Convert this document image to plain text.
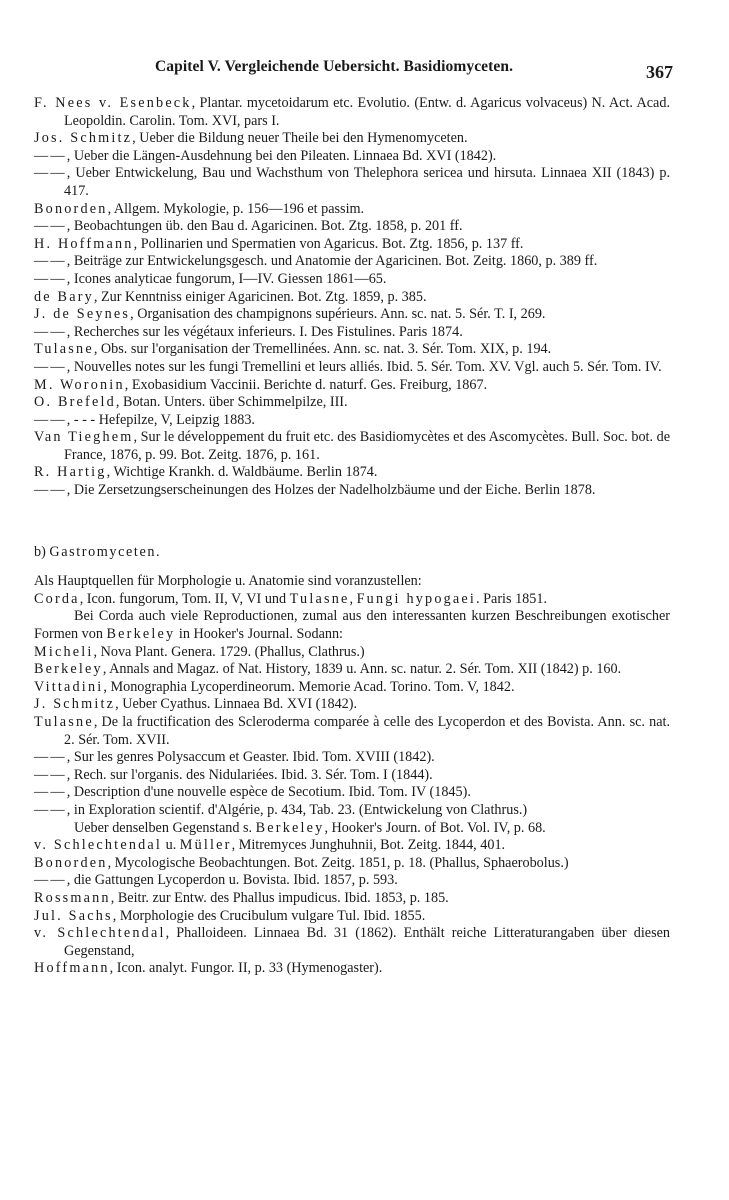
Capitel V. Vergleichende Uebersicht. Basidiomyceten.	367

F. Nees v. Esenbeck, Plantar. mycetoidarum etc. Evolutio. (Entw. d. Agaricus volvaceus) N. Act. Acad. Leopoldin. Carolin. Tom. XVI, pars I.

Jos. Schmitz, Ueber die Bildung neuer Theile bei den Hymenomyceten.

——, Ueber die Längen-Ausdehnung bei den Pileaten. Linnaea Bd. XVI (1842).

——, Ueber Entwickelung, Bau und Wachsthum von Thelephora sericea und hirsuta. Linnaea XII (1843) p. 417.

Bonorden, Allgem. Mykologie, p. 156—196 et passim.

——, Beobachtungen üb. den Bau d. Agaricinen. Bot. Ztg. 1858, p. 201 ff.

H. Hoffmann, Pollinarien und Spermatien von Agaricus. Bot. Ztg. 1856, p. 137 ff.

——, Beiträge zur Entwickelungsgesch. und Anatomie der Agaricinen. Bot. Zeitg. 1860, p. 389 ff.

——, Icones analyticae fungorum, I—IV. Giessen 1861—65.

de Bary, Zur Kenntniss einiger Agaricinen. Bot. Ztg. 1859, p. 385.

J. de Seynes, Organisation des champignons supérieurs. Ann. sc. nat. 5. Sér. T. I, 269.

——, Recherches sur les végétaux inferieurs. I. Des Fistulines. Paris 1874.

Tulasne, Obs. sur l'organisation der Tremellinées. Ann. sc. nat. 3. Sér. Tom. XIX, p. 194.

——, Nouvelles notes sur les fungi Tremellini et leurs alliés. Ibid. 5. Sér. Tom. XV. Vgl. auch 5. Sér. Tom. IV.

M. Woronin, Exobasidium Vaccinii. Berichte d. naturf. Ges. Freiburg, 1867.

O. Brefeld, Botan. Unters. über Schimmelpilze, III.

——, - - - Hefepilze, V, Leipzig 1883.

Van Tieghem, Sur le développement du fruit etc. des Basidiomycètes et des Ascomycètes. Bull. Soc. bot. de France, 1876, p. 99. Bot. Zeitg. 1876, p. 161.

R. Hartig, Wichtige Krankh. d. Waldbäume. Berlin 1874.

——, Die Zersetzungserscheinungen des Holzes der Nadelholzbäume und der Eiche. Berlin 1878.

b) Gastromyceten.

Als Hauptquellen für Morphologie u. Anatomie sind voranzustellen:

Corda, Icon. fungorum, Tom. II, V, VI und Tulasne, Fungi hypogaei. Paris 1851.

Bei Corda auch viele Reproductionen, zumal aus den interessanten kurzen Beschreibungen exotischer Formen von Berkeley in Hooker's Journal. Sodann:

Micheli, Nova Plant. Genera. 1729. (Phallus, Clathrus.)

Berkeley, Annals and Magaz. of Nat. History, 1839 u. Ann. sc. natur. 2. Sér. Tom. XII (1842) p. 160.

Vittadini, Monographia Lycoperdineorum. Memorie Acad. Torino. Tom. V, 1842.

J. Schmitz, Ueber Cyathus. Linnaea Bd. XVI (1842).

Tulasne, De la fructification des Scleroderma comparée à celle des Lycoperdon et des Bovista. Ann. sc. nat. 2. Sér. Tom. XVII.

——, Sur les genres Polysaccum et Geaster. Ibid. Tom. XVIII (1842).

——, Rech. sur l'organis. des Nidulariées. Ibid. 3. Sér. Tom. I (1844).

——, Description d'une nouvelle espèce de Secotium. Ibid. Tom. IV (1845).

——, in Exploration scientif. d'Algérie, p. 434, Tab. 23. (Entwickelung von Clathrus.)

Ueber denselben Gegenstand s. Berkeley, Hooker's Journ. of Bot. Vol. IV, p. 68.

v. Schlechtendal u. Müller, Mitremyces Junghuhnii, Bot. Zeitg. 1844, 401.

Bonorden, Mycologische Beobachtungen. Bot. Zeitg. 1851, p. 18. (Phallus, Sphaerobolus.)

——, die Gattungen Lycoperdon u. Bovista. Ibid. 1857, p. 593.

Rossmann, Beitr. zur Entw. des Phallus impudicus. Ibid. 1853, p. 185.

Jul. Sachs, Morphologie des Crucibulum vulgare Tul. Ibid. 1855.

v. Schlechtendal, Phalloideen. Linnaea Bd. 31 (1862). Enthält reiche Litteraturangaben über diesen Gegenstand,

Hoffmann, Icon. analyt. Fungor. II, p. 33 (Hymenogaster).
